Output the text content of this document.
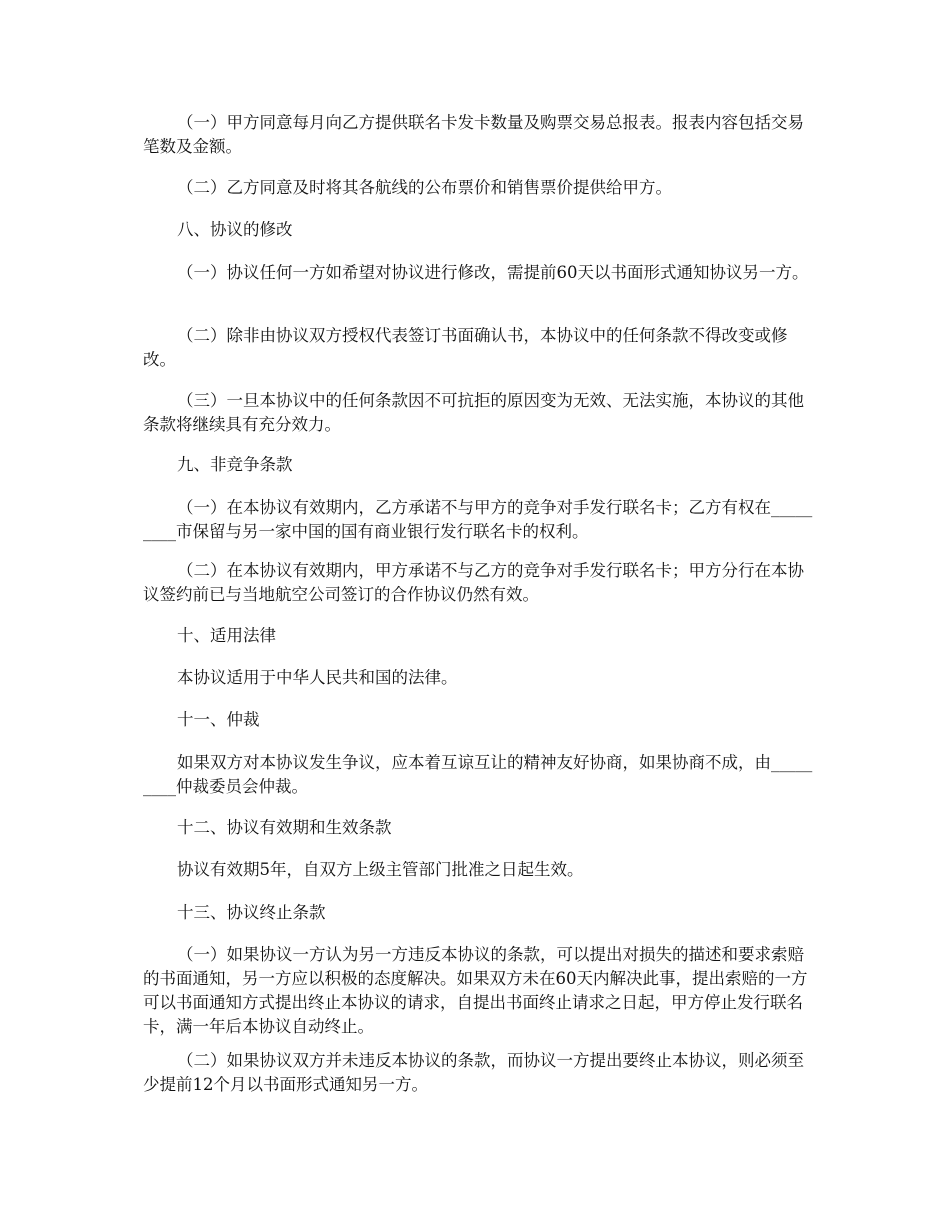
（一）甲方同意每月向乙方提供联名卡发卡数量及购票交易总报表。报表内容包括交易笔数及金额。

（二）乙方同意及时将其各航线的公布票价和销售票价提供给甲方。

八、协议的修改

（一）协议任何一方如希望对协议进行修改，需提前60天以书面形式通知协议另一方。

（二）除非由协议双方授权代表签订书面确认书，本协议中的任何条款不得改变或修改。

（三）一旦本协议中的任何条款因不可抗拒的原因变为无效、无法实施，本协议的其他条款将继续具有充分效力。

九、非竞争条款

（一）在本协议有效期内，乙方承诺不与甲方的竞争对手发行联名卡；乙方有权在_________市保留与另一家中国的国有商业银行发行联名卡的权利。

（二）在本协议有效期内，甲方承诺不与乙方的竞争对手发行联名卡；甲方分行在本协议签约前已与当地航空公司签订的合作协议仍然有效。

十、适用法律

本协议适用于中华人民共和国的法律。

十一、仲裁

如果双方对本协议发生争议，应本着互谅互让的精神友好协商，如果协商不成，由_________仲裁委员会仲裁。

十二、协议有效期和生效条款

协议有效期5年，自双方上级主管部门批准之日起生效。

十三、协议终止条款

（一）如果协议一方认为另一方违反本协议的条款，可以提出对损失的描述和要求索赔的书面通知，另一方应以积极的态度解决。如果双方未在60天内解决此事，提出索赔的一方可以书面通知方式提出终止本协议的请求，自提出书面终止请求之日起，甲方停止发行联名卡，满一年后本协议自动终止。

（二）如果协议双方并未违反本协议的条款，而协议一方提出要终止本协议，则必须至少提前12个月以书面形式通知另一方。
